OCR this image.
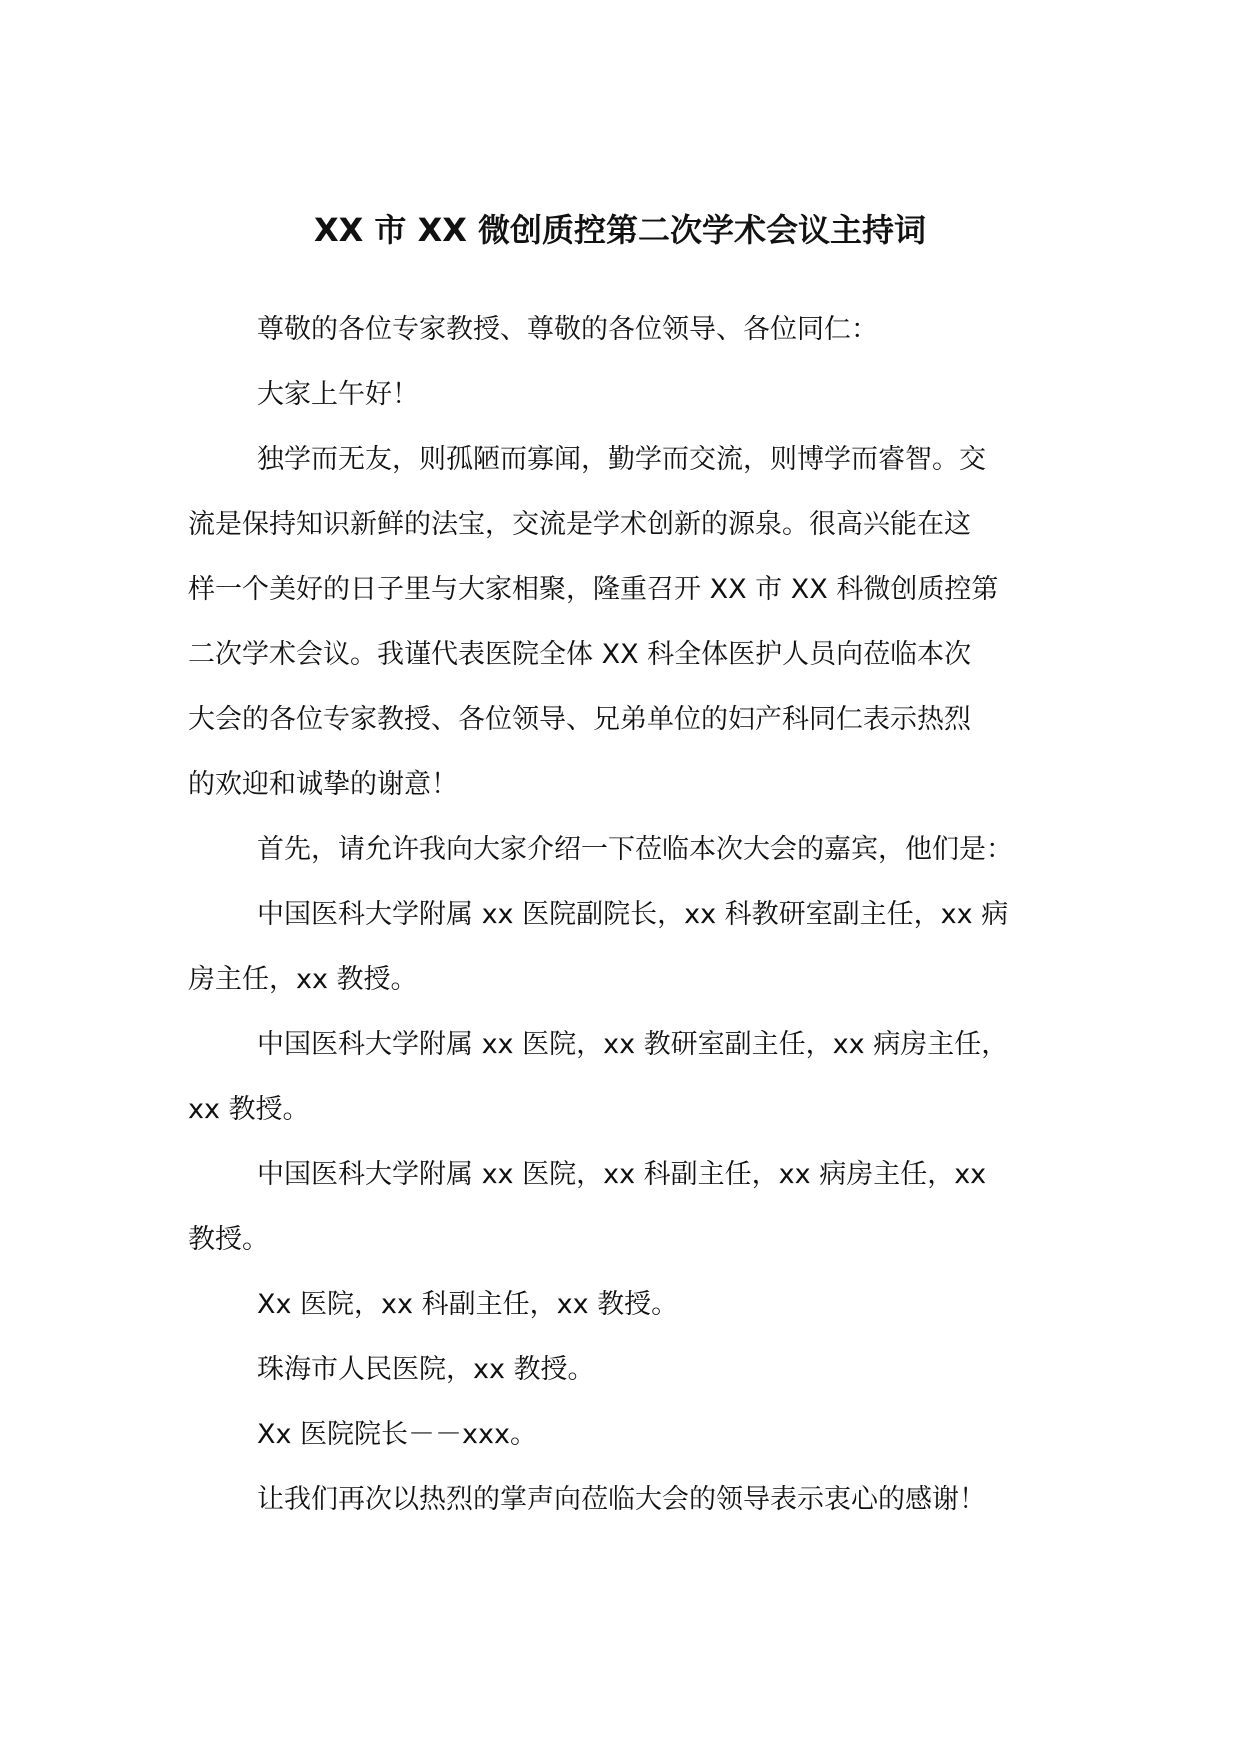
XX 市 XX 微创质控第二次学术会议主持词
尊敬的各位专家教授、尊敬的各位领导、各位同仁：
大家上午好！
独学而无友，则孤陋而寡闻，勤学而交流，则博学而睿智。交
流是保持知识新鲜的法宝，交流是学术创新的源泉。很高兴能在这
样一个美好的日子里与大家相聚，隆重召开 XX 市 XX 科微创质控第
二次学术会议。我谨代表医院全体 XX 科全体医护人员向莅临本次
大会的各位专家教授、各位领导、兄弟单位的妇产科同仁表示热烈
的欢迎和诚挚的谢意！
首先，请允许我向大家介绍一下莅临本次大会的嘉宾，他们是：
中国医科大学附属 xx 医院副院长，xx 科教研室副主任，xx 病
房主任，xx 教授。
中国医科大学附属 xx 医院，xx 教研室副主任，xx 病房主任，
xx 教授。
中国医科大学附属 xx 医院，xx 科副主任，xx 病房主任，xx
教授。
Xx 医院，xx 科副主任，xx 教授。
珠海市人民医院，xx 教授。
Xx 医院院长－－xxx。
让我们再次以热烈的掌声向莅临大会的领导表示衷心的感谢！
